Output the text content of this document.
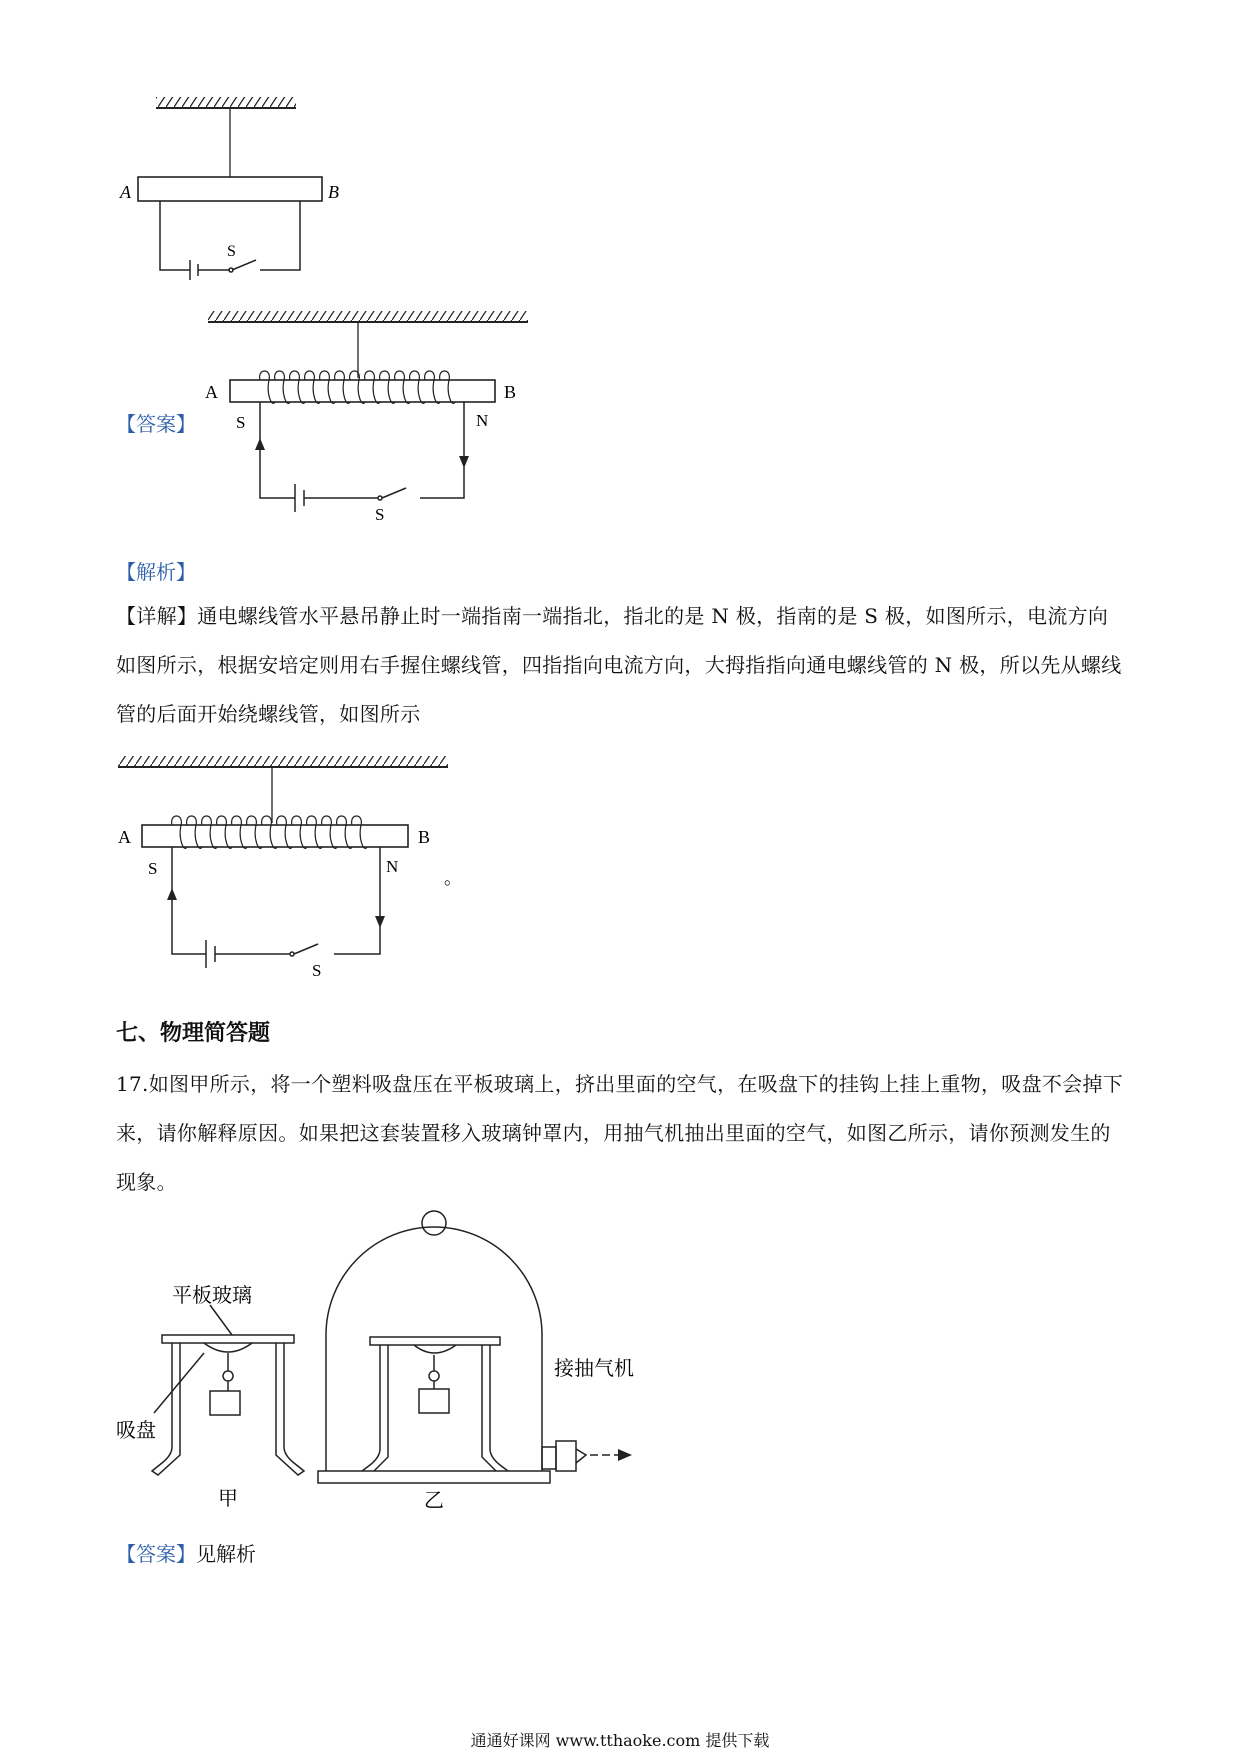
A	B
S
【答案】
A	B
S	N
S
【解析】

【详解】通电螺线管水平悬吊静止时一端指南一端指北，指北的是 N 极，指南的是 S 极，如图所示，电流方向如图所示，根据安培定则用右手握住螺线管，四指指向电流方向，大拇指指向通电螺线管的 N 极，所以先从螺线管的后面开始绕螺线管，如图所示

A	B
S	N
S
。
七、物理简答题

17.如图甲所示，将一个塑料吸盘压在平板玻璃上，挤出里面的空气，在吸盘下的挂钩上挂上重物，吸盘不会掉下来，请你解释原因。如果把这套装置移入玻璃钟罩内，用抽气机抽出里面的空气，如图乙所示，请你预测发生的现象。

平板玻璃
吸盘
甲
接抽气机
乙
【答案】见解析
通通好课网 www.tthaoke.com 提供下载
